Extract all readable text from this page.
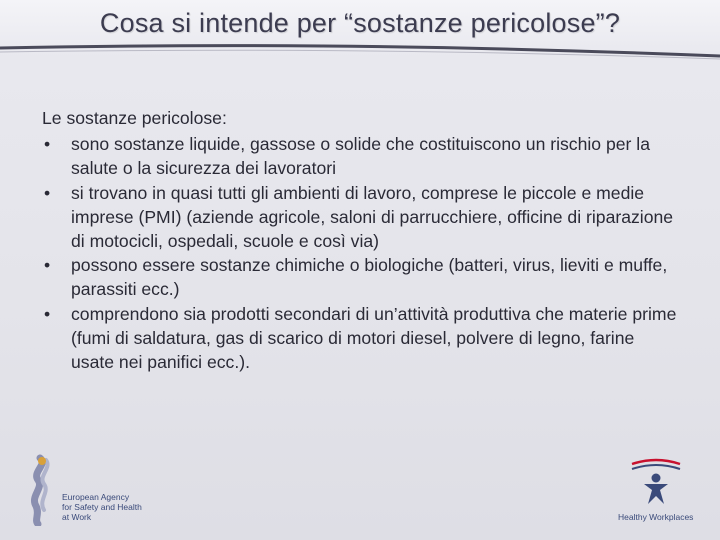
Cosa si intende per “sostanze pericolose”?
Le sostanze pericolose:
• sono sostanze liquide, gassose o solide che costituiscono un rischio per la salute o la sicurezza dei lavoratori
• si trovano in quasi tutti gli ambienti di lavoro, comprese le piccole e medie imprese (PMI) (aziende agricole, saloni di parrucchiere, officine di riparazione di motocicli, ospedali, scuole e così via)
• possono essere sostanze chimiche o biologiche (batteri, virus, lieviti e muffe, parassiti ecc.)
• comprendono sia prodotti secondari di un’attività produttiva che materie prime (fumi di saldatura, gas di scarico di motori diesel, polvere di legno, farine usate nei panifici ecc.).
European Agency
for Safety and Health
at Work	Healthy Workplaces
